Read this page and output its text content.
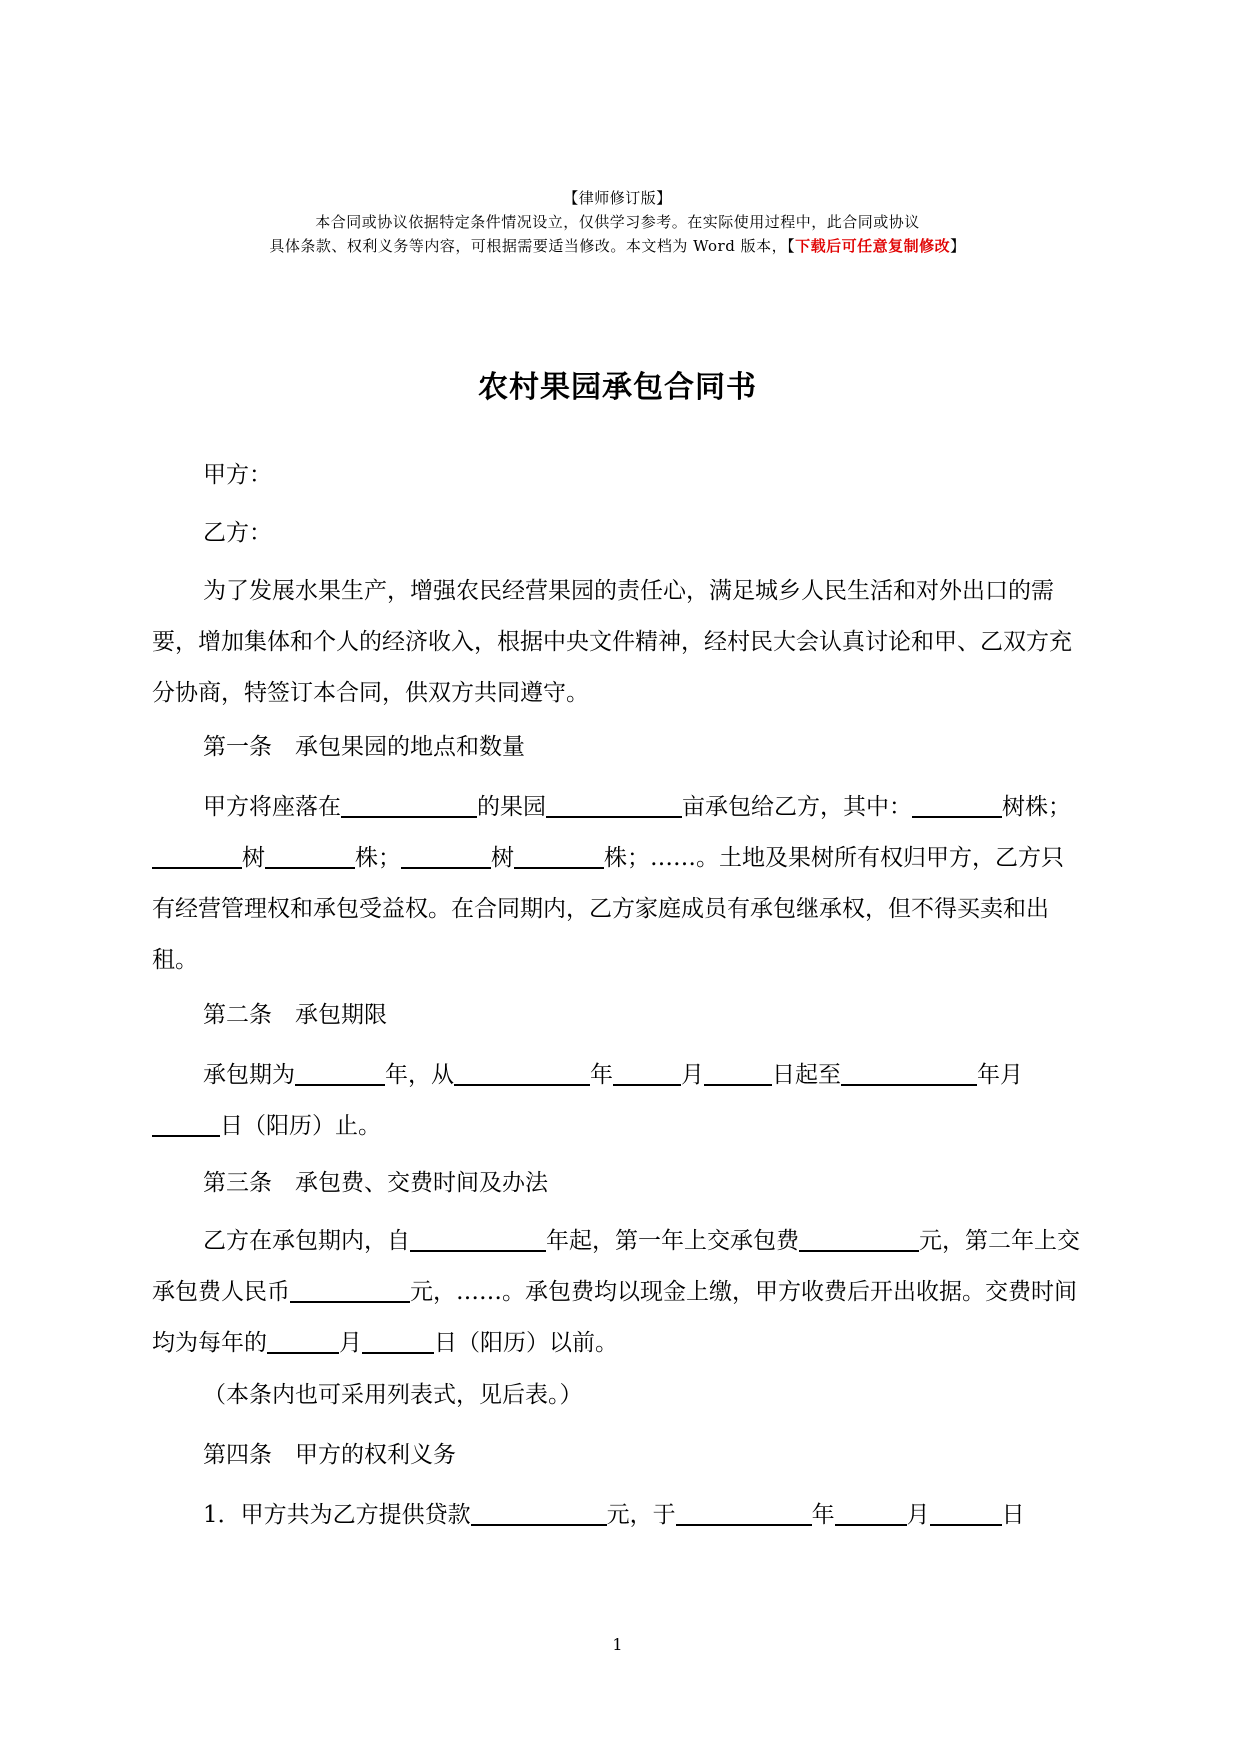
【律师修订版】
本合同或协议依据特定条件情况设立，仅供学习参考。在实际使用过程中，此合同或协议
具体条款、权利义务等内容，可根据需要适当修改。本文档为 Word 版本，【下载后可任意复制修改】
农村果园承包合同书
甲方：
乙方：
为了发展水果生产，增强农民经营果园的责任心，满足城乡人民生活和对外出口的需要，增加集体和个人的经济收入，根据中央文件精神，经村民大会认真讨论和甲、乙双方充分协商，特签订本合同，供双方共同遵守。
第一条　承包果园的地点和数量
甲方将座落在	的果园	亩承包给乙方，其中：	树株；树	株；	树	株；……。土地及果树所有权归甲方，乙方只有经营管理权和承包受益权。在合同期内，乙方家庭成员有承包继承权，但不得买卖和出租。
第二条　承包期限
承包期为	年，从	年	月	日起至	年月日（阳历）止。
第三条　承包费、交费时间及办法
乙方在承包期内，自	年起，第一年上交承包费	元，第二年上交承包费人民币	元，……。承包费均以现金上缴，甲方收费后开出收据。交费时间均为每年的	月	日（阳历）以前。
（本条内也可采用列表式，见后表。）
第四条　甲方的权利义务
1．甲方共为乙方提供贷款	元，于	年	月	日
1
